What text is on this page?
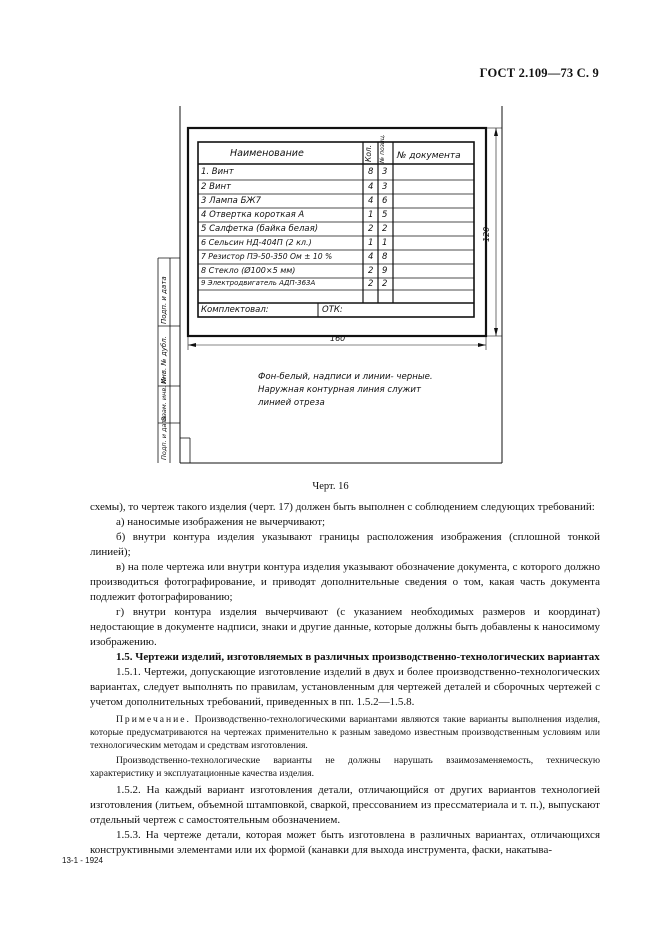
ГОСТ 2.109—73 С. 9
Наименование	Кол. № позиц. № документа
1. Винт	8 3
2 Винт	4 3
3 Лампа БЖ7	4 6
4 Отвертка короткая А	1 5
5 Салфетка (байка белая)	2 2
6 Сельсин НД-404П (2 кл.)	1 1
7 Резистор ПЭ-50-350 Ом ± 10 %	4 8
8 Стекло (Ø100×5 мм)	2 9
9 Электродвигатель АДП-363А	2 2
Комплектовал:	ОТК:
160
120
Фон-белый, надписи и линии- черные.
Наружная контурная линия служит
линией отреза
Подп. и дата
Инв. № дубл.
Взам. инв. №
Подп. и дата
Черт. 16

схемы), то чертеж такого изделия (черт. 17) должен быть выполнен с соблюдением следующих требований:

а) наносимые изображения не вычерчивают;

б) внутри контура изделия указывают границы расположения изображения (сплошной тонкой линией);

в) на поле чертежа или внутри контура изделия указывают обозначение документа, с которого должно производиться фотографирование, и приводят дополнительные сведения о том, какая часть документа подлежит фотографированию;

г) внутри контура изделия вычерчивают (с указанием необходимых размеров и координат) недостающие в документе надписи, знаки и другие данные, которые должны быть добавлены к наносимому изображению.

1.5. Чертежи изделий, изготовляемых в различных производственно-технологических вариантах

1.5.1. Чертежи, допускающие изготовление изделий в двух и более производственно-технологических вариантах, следует выполнять по правилам, установленным для чертежей деталей и сборочных чертежей с учетом дополнительных требований, приведенных в пп. 1.5.2—1.5.8.

Примечание. Производственно-технологическими вариантами являются такие варианты выполнения изделия, которые предусматриваются на чертежах применительно к разным заведомо известным производственным условиям или технологическим методам и средствам изготовления.

Производственно-технологические варианты не должны нарушать взаимозаменяемость, техническую характеристику и эксплуатационные качества изделия.

1.5.2. На каждый вариант изготовления детали, отличающийся от других вариантов технологией изготовления (литьем, объемной штамповкой, сваркой, прессованием из прессматериала и т. п.), выпускают отдельный чертеж с самостоятельным обозначением.

1.5.3. На чертеже детали, которая может быть изготовлена в различных вариантах, отличающихся конструктивными элементами или их формой (канавки для выхода инструмента, фаски, накатыва-

13-1 - 1924
